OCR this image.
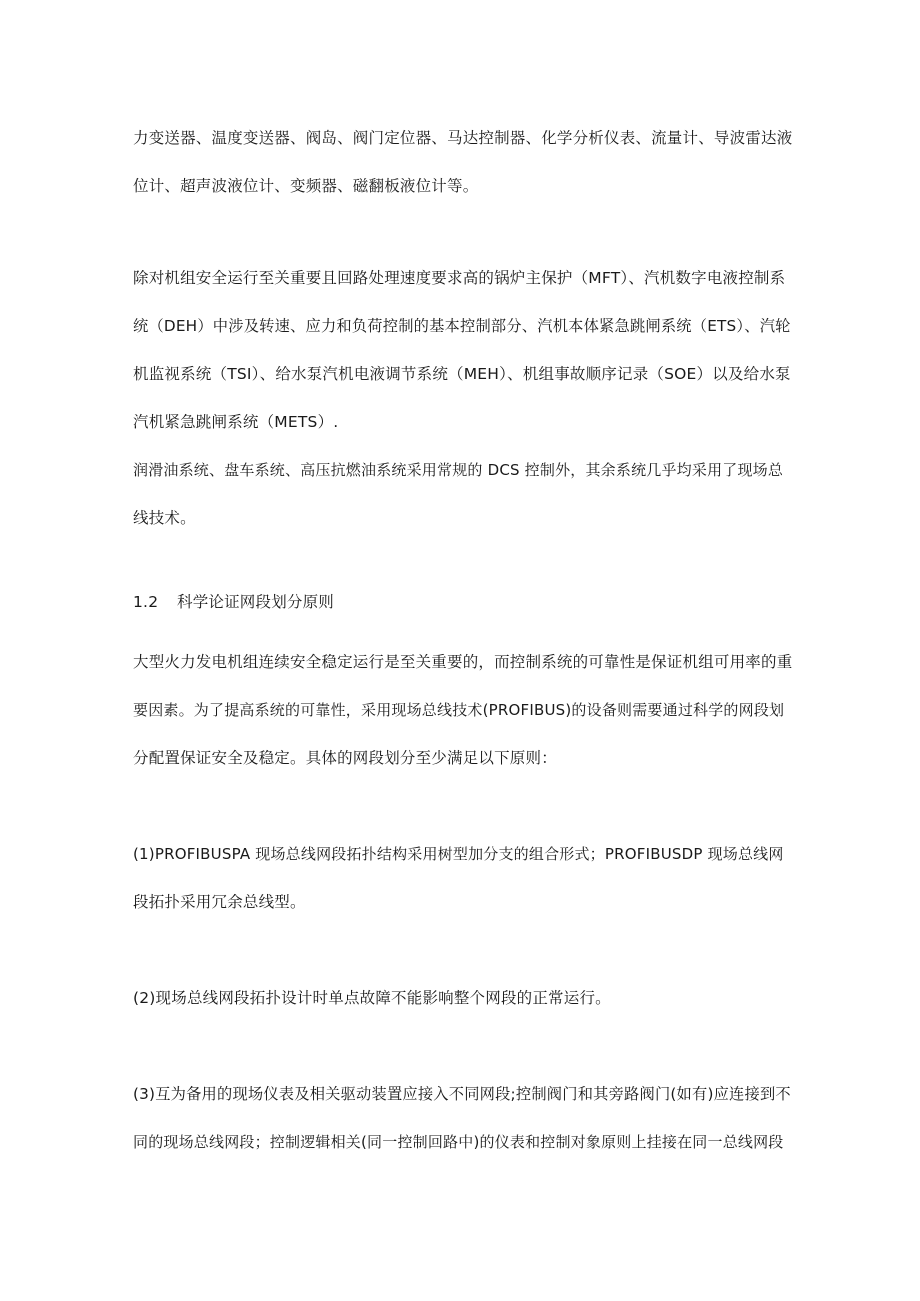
力变送器、温度变送器、阀岛、阀门定位器、马达控制器、化学分析仪表、流量计、导波雷达液
位计、超声波液位计、变频器、磁翻板液位计等。
除对机组安全运行至关重要且回路处理速度要求高的锅炉主保护（MFT）、汽机数字电液控制系
统（DEH）中涉及转速、应力和负荷控制的基本控制部分、汽机本体紧急跳闸系统（ETS）、汽轮
机监视系统（TSI）、给水泵汽机电液调节系统（MEH）、机组事故顺序记录（SOE）以及给水泵
汽机紧急跳闸系统（METS）.
润滑油系统、盘车系统、高压抗燃油系统采用常规的 DCS 控制外，其余系统几乎均采用了现场总
线技术。
1.2 科学论证网段划分原则
大型火力发电机组连续安全稳定运行是至关重要的，而控制系统的可靠性是保证机组可用率的重
要因素。为了提高系统的可靠性，采用现场总线技术(PROFIBUS)的设备则需要通过科学的网段划
分配置保证安全及稳定。具体的网段划分至少满足以下原则：
(1)PROFIBUSPA 现场总线网段拓扑结构采用树型加分支的组合形式；PROFIBUSDP 现场总线网
段拓扑采用冗余总线型。
(2)现场总线网段拓扑设计时单点故障不能影响整个网段的正常运行。
(3)互为备用的现场仪表及相关驱动装置应接入不同网段;控制阀门和其旁路阀门(如有)应连接到不
同的现场总线网段；控制逻辑相关(同一控制回路中)的仪表和控制对象原则上挂接在同一总线网段
